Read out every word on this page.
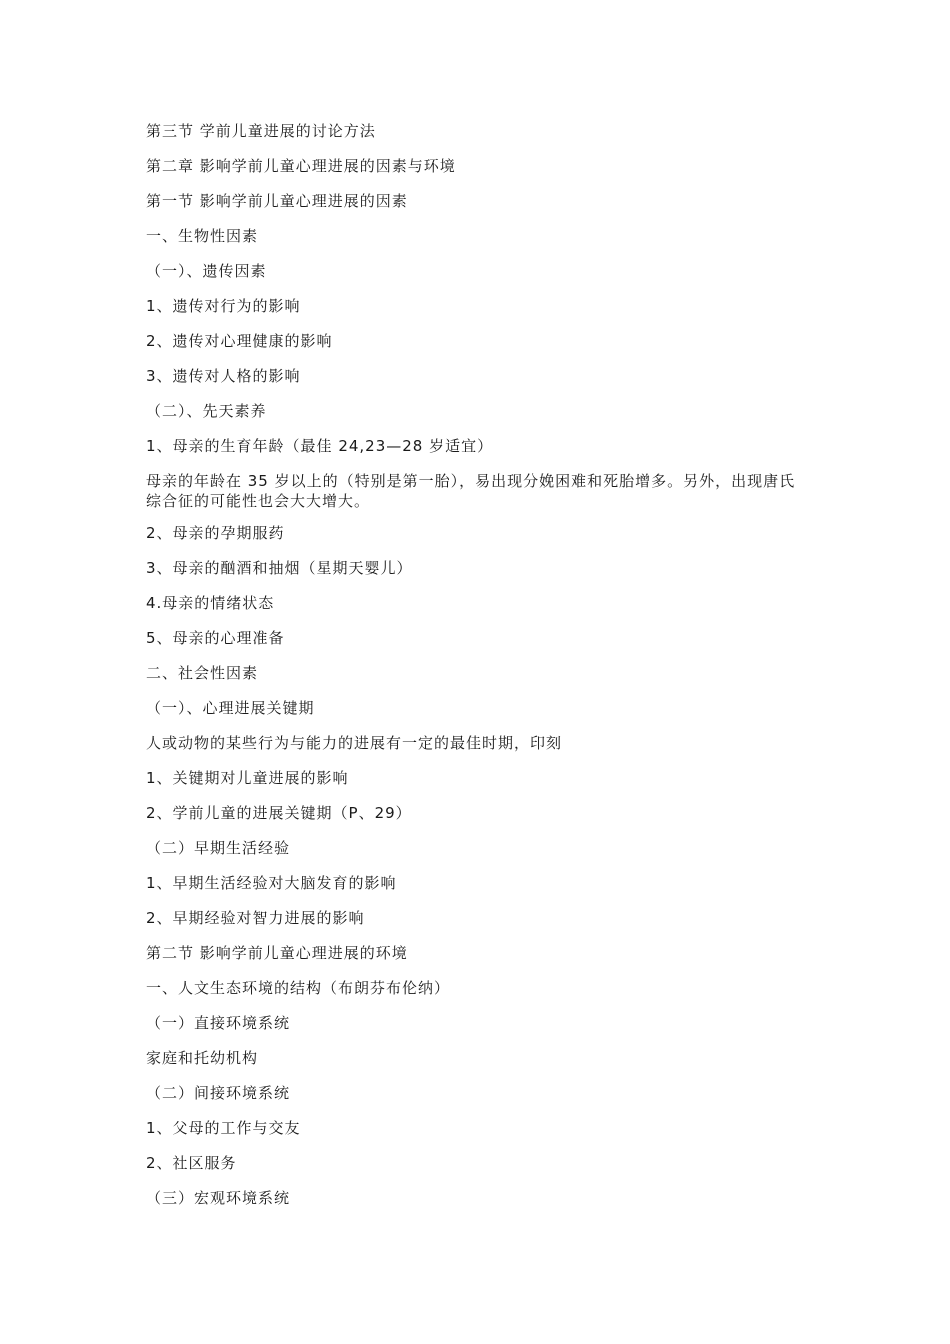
第三节 学前儿童进展的讨论方法
第二章 影响学前儿童心理进展的因素与环境
第一节 影响学前儿童心理进展的因素
一、生物性因素
（一）、遗传因素
1、遗传对行为的影响
2、遗传对心理健康的影响
3、遗传对人格的影响
（二）、先天素养
1、母亲的生育年龄（最佳 24,23—28 岁适宜）
母亲的年龄在 35 岁以上的（特别是第一胎），易出现分娩困难和死胎增多。另外，出现唐氏综合征的可能性也会大大增大。
2、母亲的孕期服药
3、母亲的酗酒和抽烟（星期天婴儿）
4.母亲的情绪状态
5、母亲的心理准备
二、社会性因素
（一）、心理进展关键期
人或动物的某些行为与能力的进展有一定的最佳时期，印刻
1、关键期对儿童进展的影响
2、学前儿童的进展关键期（P、29）
（二）早期生活经验
1、早期生活经验对大脑发育的影响
2、早期经验对智力进展的影响
第二节 影响学前儿童心理进展的环境
一、人文生态环境的结构（布朗芬布伦纳）
（一）直接环境系统
家庭和托幼机构
（二）间接环境系统
1、父母的工作与交友
2、社区服务
（三）宏观环境系统
